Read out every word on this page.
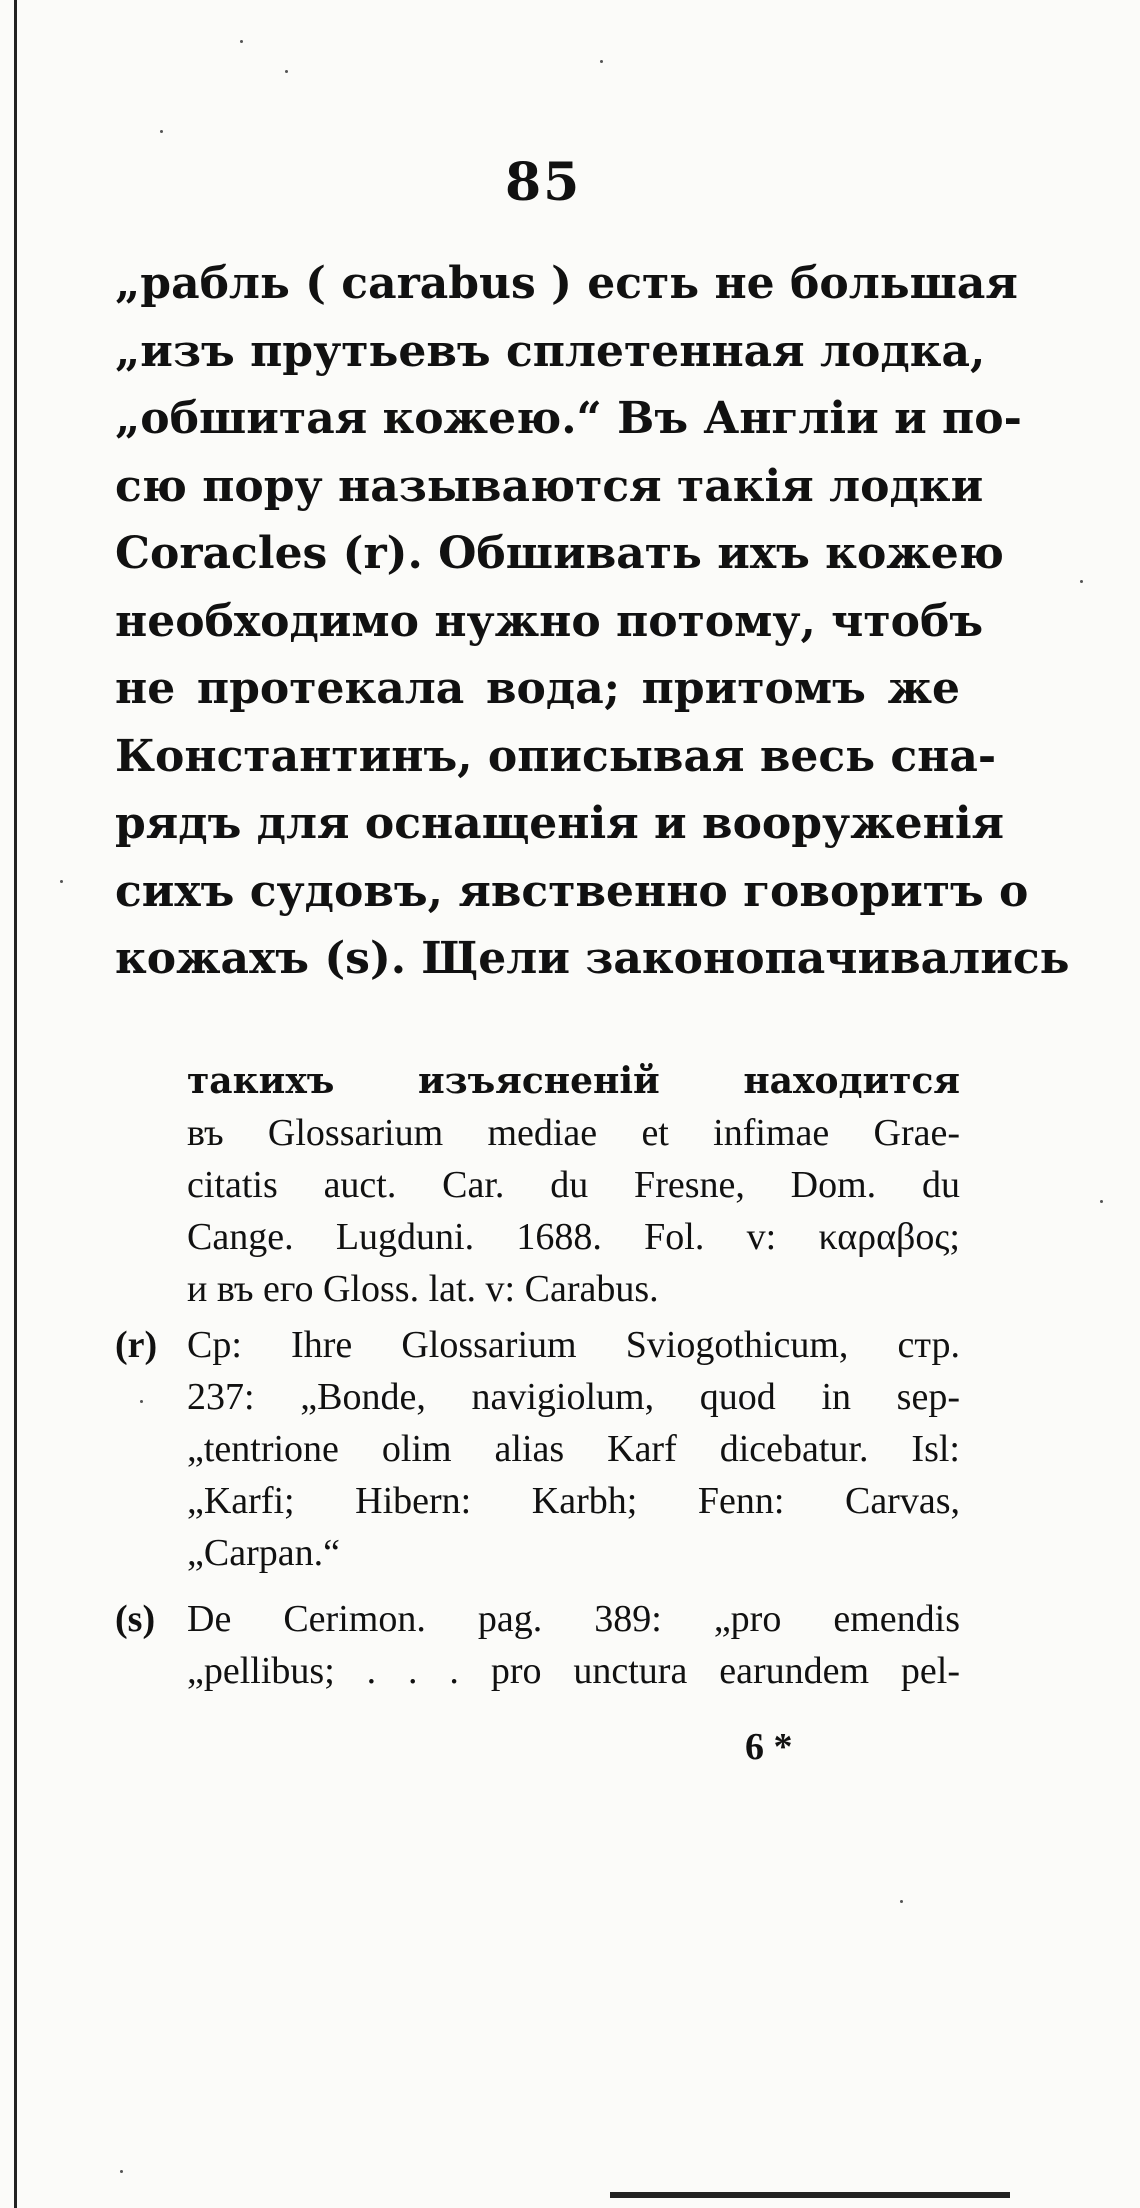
85
„рабль ( carabus ) есть не большая
„изъ прутьевъ сплетенная лодка,
„обшитая кожею.“ Въ Англіи и по-
сю пору называются такія лодки
Coracles (r). Обшивать ихъ кожею
необходимо нужно потому, чтобъ
не протекала вода; притомъ же
Константинъ, описывая весь сна-
рядъ для оснащенія и вооруженія
сихъ судовъ, явственно говоритъ о
кожахъ (s). Щели законопачивались
такихъ изъясненій находится
въ Glossarium mediae et infimae Grae-
citatis auct. Car. du Fresne, Dom. du
Cange. Lugduni. 1688. Fol. v: καραβος;
и въ его Gloss. lat. v: Carabus.
(r) Ср: Ihre Glossarium Sviogothicum, стр.
237: „Bonde, navigiolum, quod in sep-
„tentrione olim alias Karf dicebatur. Isl:
„Karfi; Hibern: Karbh; Fenn: Carvas,
„Carpan.“
(s) De Cerimon. pag. 389: „pro emendis
„pellibus; . . . pro unctura earundem pel-
6 *
